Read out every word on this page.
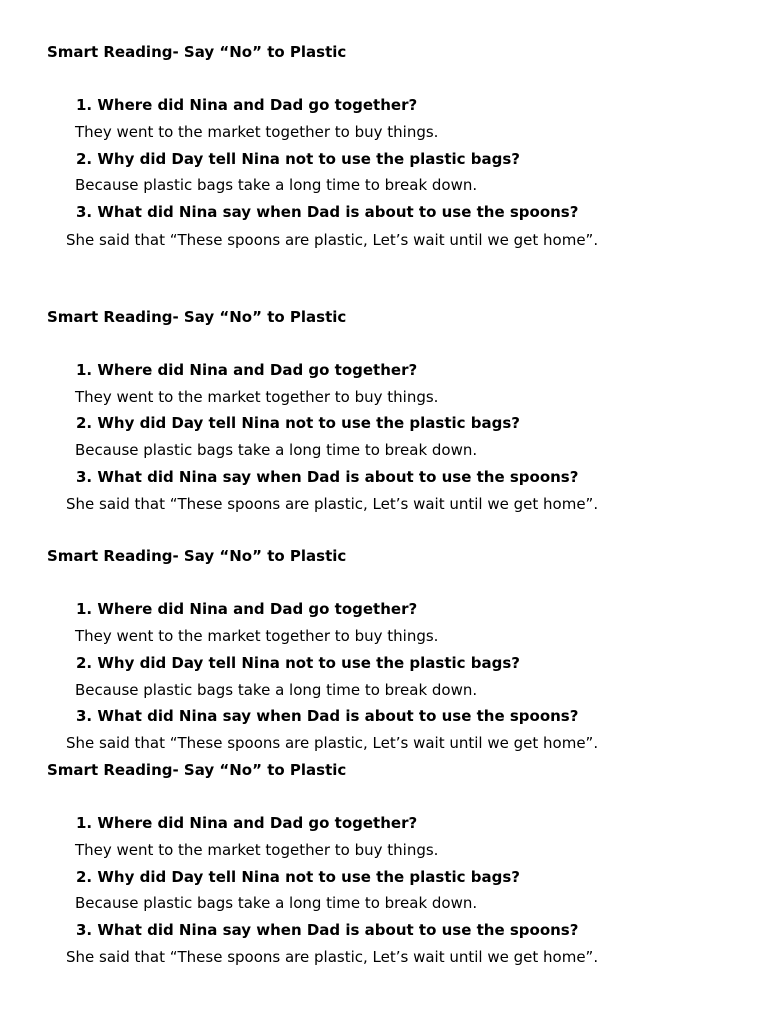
Smart Reading- Say “No” to Plastic
1. Where did Nina and Dad go together?
They went to the market together to buy things.
2. Why did Day tell Nina not to use the plastic bags?
Because plastic bags take a long time to break down.
3. What did Nina say when Dad is about to use the spoons?
She said that “These spoons are plastic, Let’s wait until we get home”.
Smart Reading- Say “No” to Plastic
1. Where did Nina and Dad go together?
They went to the market together to buy things.
2. Why did Day tell Nina not to use the plastic bags?
Because plastic bags take a long time to break down.
3. What did Nina say when Dad is about to use the spoons?
She said that “These spoons are plastic, Let’s wait until we get home”.
Smart Reading- Say “No” to Plastic
1. Where did Nina and Dad go together?
They went to the market together to buy things.
2. Why did Day tell Nina not to use the plastic bags?
Because plastic bags take a long time to break down.
3. What did Nina say when Dad is about to use the spoons?
She said that “These spoons are plastic, Let’s wait until we get home”.
Smart Reading- Say “No” to Plastic
1. Where did Nina and Dad go together?
They went to the market together to buy things.
2. Why did Day tell Nina not to use the plastic bags?
Because plastic bags take a long time to break down.
3. What did Nina say when Dad is about to use the spoons?
She said that “These spoons are plastic, Let’s wait until we get home”.
